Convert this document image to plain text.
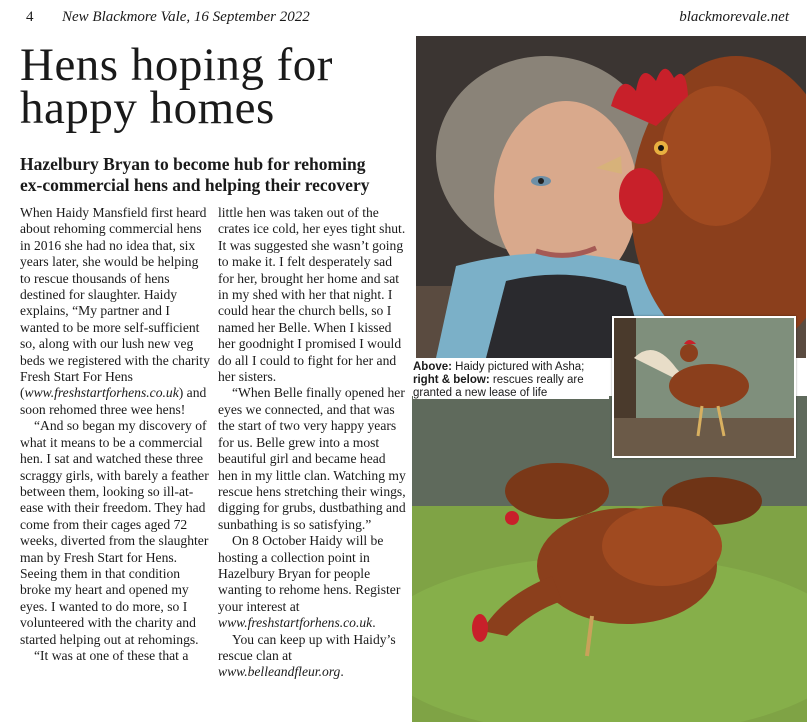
4 New Blackmore Vale, 16 September 2022	blackmorevale.net
Hens hoping for
happy homes
Hazelbury Bryan to become hub for rehoming
ex-commercial hens and helping their recovery

When Haidy Mansfield first heard about rehoming commercial hens in 2016 she had no idea that, six years later, she would be helping to rescue thousands of hens destined for slaughter. Haidy explains, “My partner and I wanted to be more self-sufficient so, along with our lush new veg beds we registered with the charity Fresh Start For Hens (www.freshstartforhens.co.uk) and soon rehomed three wee hens!

“And so began my discovery of what it means to be a commercial hen. I sat and watched these three scraggy girls, with barely a feather between them, looking so ill-at-ease with their freedom. They had come from their cages aged 72 weeks, diverted from the slaughter man by Fresh Start for Hens. Seeing them in that condition broke my heart and opened my eyes. I wanted to do more, so I volunteered with the charity and started helping out at rehomings.

“It was at one of these that a

little hen was taken out of the crates ice cold, her eyes tight shut. It was suggested she wasn’t going to make it. I felt desperately sad for her, brought her home and sat in my shed with her that night. I could hear the church bells, so I named her Belle. When I kissed her goodnight I promised I would do all I could to fight for her and her sisters.

“When Belle finally opened her eyes we connected, and that was the start of two very happy years for us. Belle grew into a most beautiful girl and became head hen in my little clan. Watching my rescue hens stretching their wings, digging for grubs, dustbathing and sunbathing is so satisfying.”

On 8 October Haidy will be hosting a collection point in Hazelbury Bryan for people wanting to rehome hens. Register your interest at www.freshstartforhens.co.uk.

You can keep up with Haidy’s rescue clan at www.belleandfleur.org.

Above: Haidy pictured with Asha;
right & below: rescues really are granted a new lease of life
